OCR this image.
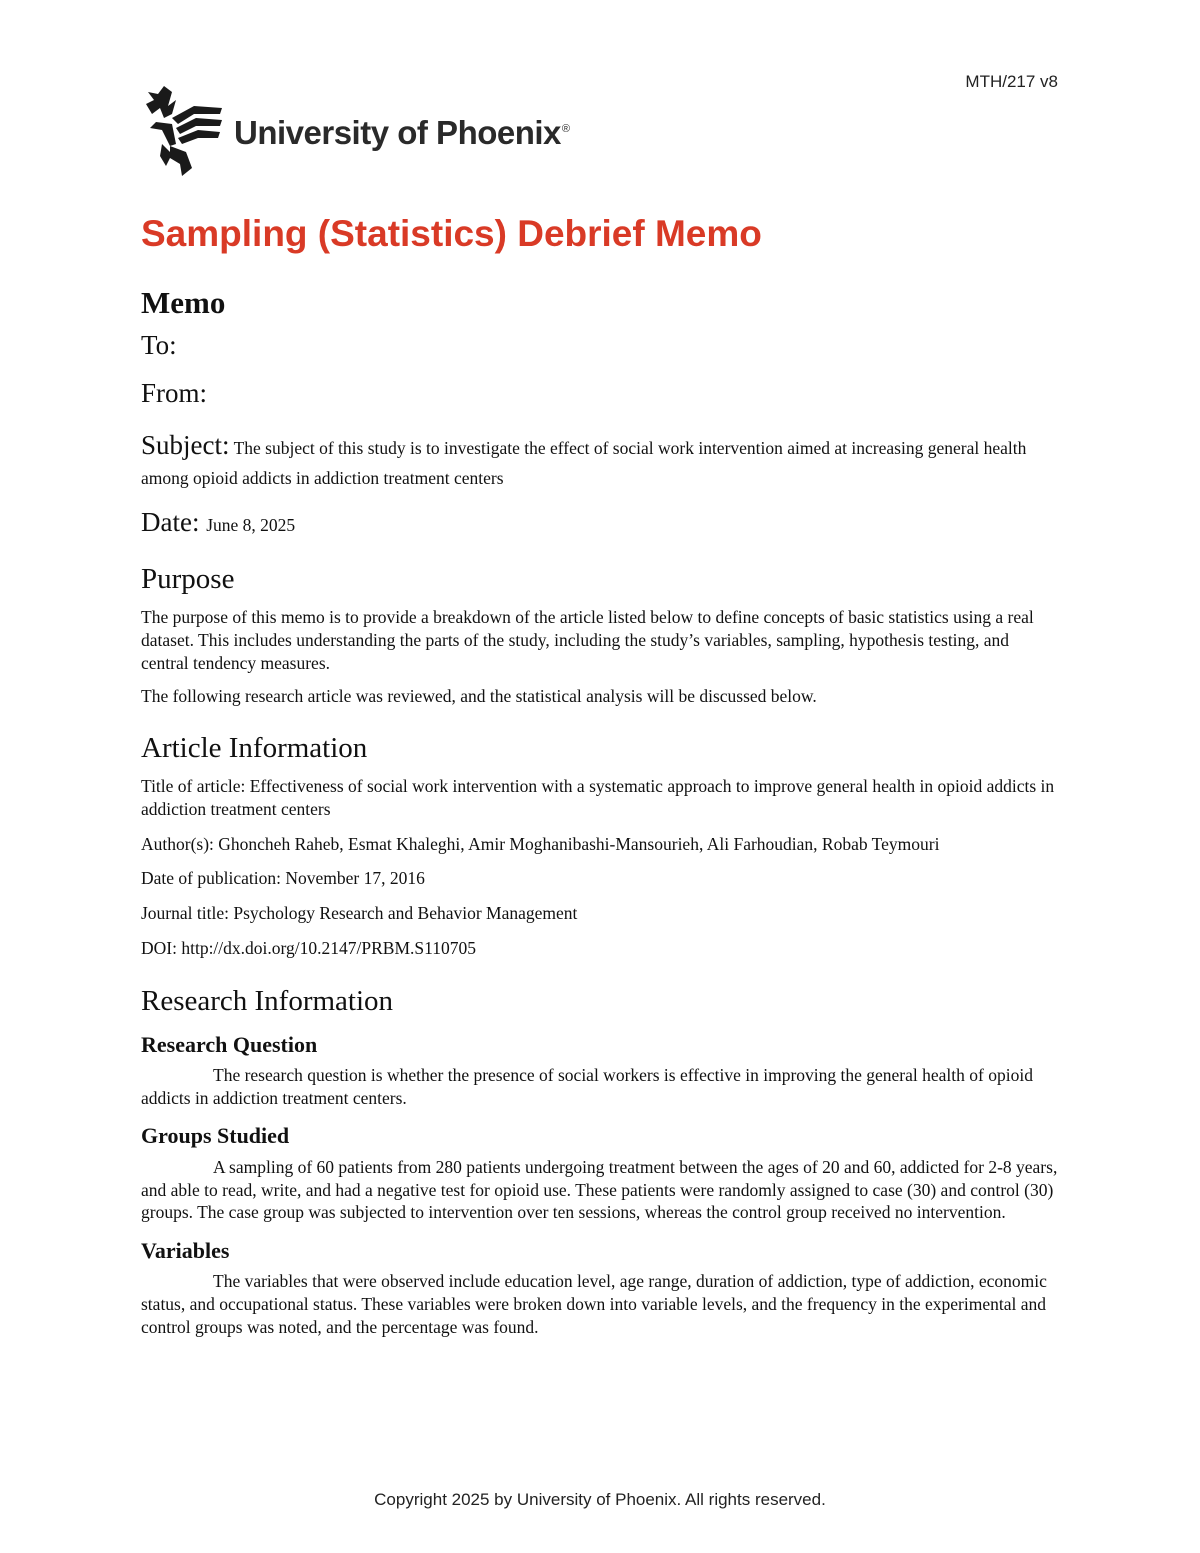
MTH/217 v8
University of Phoenix®
Sampling (Statistics) Debrief Memo
Memo
To:
From:
Subject: The subject of this study is to investigate the effect of social work intervention aimed at increasing general health among opioid addicts in addiction treatment centers
Date: June 8, 2025
Purpose

The purpose of this memo is to provide a breakdown of the article listed below to define concepts of basic statistics using a real dataset. This includes understanding the parts of the study, including the study’s variables, sampling, hypothesis testing, and central tendency measures.

The following research article was reviewed, and the statistical analysis will be discussed below.

Article Information

Title of article: Effectiveness of social work intervention with a systematic approach to improve general health in opioid addicts in addiction treatment centers

Author(s): Ghoncheh Raheb, Esmat Khaleghi, Amir Moghanibashi-Mansourieh, Ali Farhoudian, Robab Teymouri

Date of publication: November 17, 2016

Journal title: Psychology Research and Behavior Management

DOI: http://dx.doi.org/10.2147/PRBM.S110705

Research Information
Research Question

The research question is whether the presence of social workers is effective in improving the general health of opioid addicts in addiction treatment centers.

Groups Studied

A sampling of 60 patients from 280 patients undergoing treatment between the ages of 20 and 60, addicted for 2-8 years, and able to read, write, and had a negative test for opioid use. These patients were randomly assigned to case (30) and control (30) groups. The case group was subjected to intervention over ten sessions, whereas the control group received no intervention.

Variables

The variables that were observed include education level, age range, duration of addiction, type of addiction, economic status, and occupational status. These variables were broken down into variable levels, and the frequency in the experimental and control groups was noted, and the percentage was found.

Copyright 2025 by University of Phoenix. All rights reserved.
